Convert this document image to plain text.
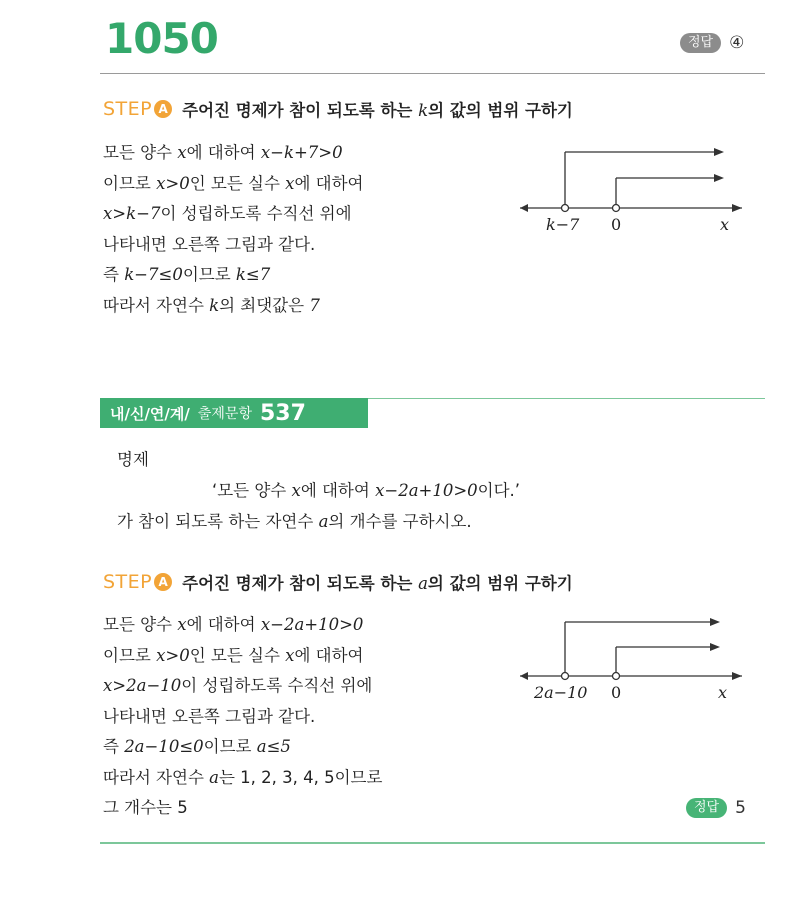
1050	정답 ④
STEP A 주어진 명제가 참이 되도록 하는 k의 값의 범위 구하기
모든 양수 x에 대하여 x−k+7>0
이므로 x>0인 모든 실수 x에 대하여
x>k−7이 성립하도록 수직선 위에
나타내면 오른쪽 그림과 같다.
즉 k−7≤0이므로 k≤7
따라서 자연수 k의 최댓값은 7
k−7 0	x
내/신/연/계/ 출제문항 537
명제
‘모든 양수 x에 대하여 x−2a+10>0이다.’
가 참이 되도록 하는 자연수 a의 개수를 구하시오.
STEP A 주어진 명제가 참이 되도록 하는 a의 값의 범위 구하기
모든 양수 x에 대하여 x−2a+10>0
이므로 x>0인 모든 실수 x에 대하여
x>2a−10이 성립하도록 수직선 위에
나타내면 오른쪽 그림과 같다.
즉 2a−10≤0이므로 a≤5
따라서 자연수 a는 1, 2, 3, 4, 5이므로
그 개수는 5
2a−10 0	x
정답 5
